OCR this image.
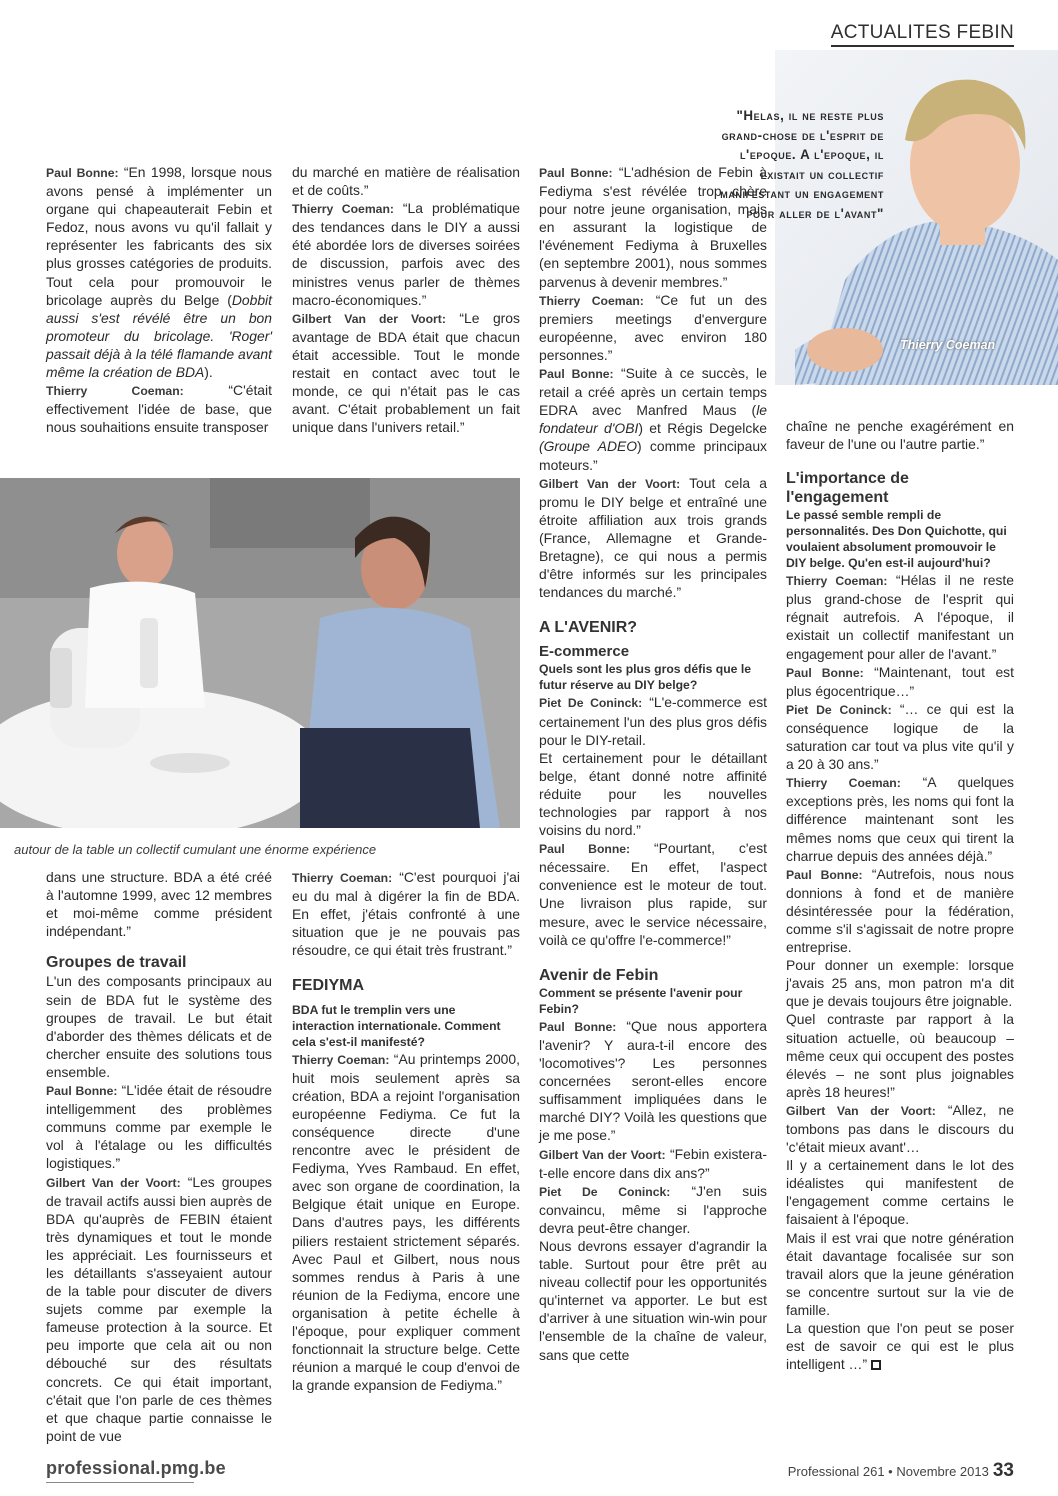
ACTUALITES FEBIN
Thierry Coeman
"Helas, il ne reste plus grand-chose de l'esprit de l'epoque. A l'epoque, il existait un collectif manifestant un engagement pour aller de l'avant"

Paul Bonne: “En 1998, lorsque nous avons pensé à implémenter un organe qui chapeauterait Febin et Fedoz, nous avons vu qu'il fallait y représenter les fabricants des six plus grosses catégories de produits. Tout cela pour promouvoir le bricolage auprès du Belge (Dobbit aussi s'est révélé être un bon promoteur du bricolage. 'Roger' passait déjà à la télé flamande avant même la création de BDA).

Thierry Coeman: “C'était effectivement l'idée de base, que nous souhaitions ensuite transposer

du marché en matière de réalisation et de coûts.”

Thierry Coeman: “La problématique des tendances dans le DIY a aussi été abordée lors de diverses soirées de discussion, parfois avec des ministres venus parler de thèmes macro-économiques.”

Gilbert Van der Voort: “Le gros avantage de BDA était que chacun était accessible. Tout le monde restait en contact avec tout le monde, ce qui n'était pas le cas avant. C'était probablement un fait unique dans l'univers retail.”

autour de la table un collectif cumulant une énorme expérience

dans une structure. BDA a été créé à l'automne 1999, avec 12 membres et moi-même comme président indépendant.”

Groupes de travail

L'un des composants principaux au sein de BDA fut le système des groupes de travail. Le but était d'aborder des thèmes délicats et de chercher ensuite des solutions tous ensemble.

Paul Bonne: “L'idée était de résoudre intelligemment des problèmes communs comme par exemple le vol à l'étalage ou les difficultés logistiques.”

Gilbert Van der Voort: “Les groupes de travail actifs aussi bien auprès de BDA qu'auprès de FEBIN étaient très dynamiques et tout le monde les appréciait. Les fournisseurs et les détaillants s'asseyaient autour de la table pour discuter de divers sujets comme par exemple la fameuse protection à la source. Et peu importe que cela ait ou non débouché sur des résultats concrets. Ce qui était important, c'était que l'on parle de ces thèmes et que chaque partie connaisse le point de vue

Thierry Coeman: “C'est pourquoi j'ai eu du mal à digérer la fin de BDA. En effet, j'étais confronté à une situation que je ne pouvais pas résoudre, ce qui était très frustrant.”

FEDIYMA

BDA fut le tremplin vers une interaction internationale. Comment cela s'est-il manifesté?

Thierry Coeman: “Au printemps 2000, huit mois seulement après sa création, BDA a rejoint l'organisation européenne Fediyma. Ce fut la conséquence directe d'une rencontre avec le président de Fediyma, Yves Rambaud. En effet, avec son organe de coordination, la Belgique était unique en Europe. Dans d'autres pays, les différents piliers restaient strictement séparés. Avec Paul et Gilbert, nous nous sommes rendus à Paris à une réunion de la Fediyma, encore une organisation à petite échelle à l'époque, pour expliquer comment fonctionnait la structure belge. Cette réunion a marqué le coup d'envoi de la grande expansion de Fediyma.”

Paul Bonne: “L'adhésion de Febin à Fediyma s'est révélée trop chère pour notre jeune organisation, mais en assurant la logistique de l'événement Fediyma à Bruxelles (en septembre 2001), nous sommes parvenus à devenir membres.”

Thierry Coeman: “Ce fut un des premiers meetings d'envergure européenne, avec environ 180 personnes.”

Paul Bonne: “Suite à ce succès, le retail a créé après un certain temps EDRA avec Manfred Maus (le fondateur d'OBI) et Régis Degelcke (Groupe ADEO) comme principaux moteurs.”

Gilbert Van der Voort: Tout cela a promu le DIY belge et entraîné une étroite affiliation aux trois grands (France, Allemagne et Grande-Bretagne), ce qui nous a permis d'être informés sur les principales tendances du marché.”

A L'AVENIR?

E-commerce

Quels sont les plus gros défis que le futur réserve au DIY belge?

Piet De Coninck: “L'e-commerce est certainement l'un des plus gros défis pour le DIY-retail.

Et certainement pour le détaillant belge, étant donné notre affinité réduite pour les nouvelles technologies par rapport à nos voisins du nord.”

Paul Bonne: “Pourtant, c'est nécessaire. En effet, l'aspect convenience est le moteur de tout. Une livraison plus rapide, sur mesure, avec le service nécessaire, voilà ce qu'offre l'e-commerce!”

Avenir de Febin

Comment se présente l'avenir pour Febin?

Paul Bonne: “Que nous apportera l'avenir? Y aura-t-il encore des 'locomotives'? Les personnes concernées seront-elles encore suffisamment impliquées dans le marché DIY? Voilà les questions que je me pose.”

Gilbert Van der Voort: “Febin existera-t-elle encore dans dix ans?”

Piet De Coninck: “J'en suis convaincu, même si l'approche devra peut-être changer.

Nous devrons essayer d'agrandir la table. Surtout pour être prêt au niveau collectif pour les opportunités qu'internet va apporter. Le but est d'arriver à une situation win-win pour l'ensemble de la chaîne de valeur, sans que cette

chaîne ne penche exagérément en faveur de l'une ou l'autre partie.”

L'importance de l'engagement

Le passé semble rempli de personnalités. Des Don Quichotte, qui voulaient absolument promouvoir le DIY belge. Qu'en est-il aujourd'hui?

Thierry Coeman: “Hélas il ne reste plus grand-chose de l'esprit qui régnait autrefois. A l'époque, il existait un collectif manifestant un engagement pour aller de l'avant.”

Paul Bonne: “Maintenant, tout est plus égocentrique…”

Piet De Coninck: “… ce qui est la conséquence logique de la saturation car tout va plus vite qu'il y a 20 à 30 ans.”

Thierry Coeman: “A quelques exceptions près, les noms qui font la différence maintenant sont les mêmes noms que ceux qui tirent la charrue depuis des années déjà.”

Paul Bonne: “Autrefois, nous nous donnions à fond et de manière désintéressée pour la fédération, comme s'il s'agissait de notre propre entreprise.

Pour donner un exemple: lorsque j'avais 25 ans, mon patron m'a dit que je devais toujours être joignable.

Quel contraste par rapport à la situation actuelle, où beaucoup – même ceux qui occupent des postes élevés – ne sont plus joignables après 18 heures!”

Gilbert Van der Voort: “Allez, ne tombons pas dans le discours du 'c'était mieux avant'…

Il y a certainement dans le lot des idéalistes qui manifestent de l'engagement comme certains le faisaient à l'époque.

Mais il est vrai que notre génération était davantage focalisée sur son travail alors que la jeune génération se concentre surtout sur la vie de famille.

La question que l'on peut se poser est de savoir ce qui est le plus intelligent …”

professional.pmg.be	Professional 261 • Novembre 2013 33
